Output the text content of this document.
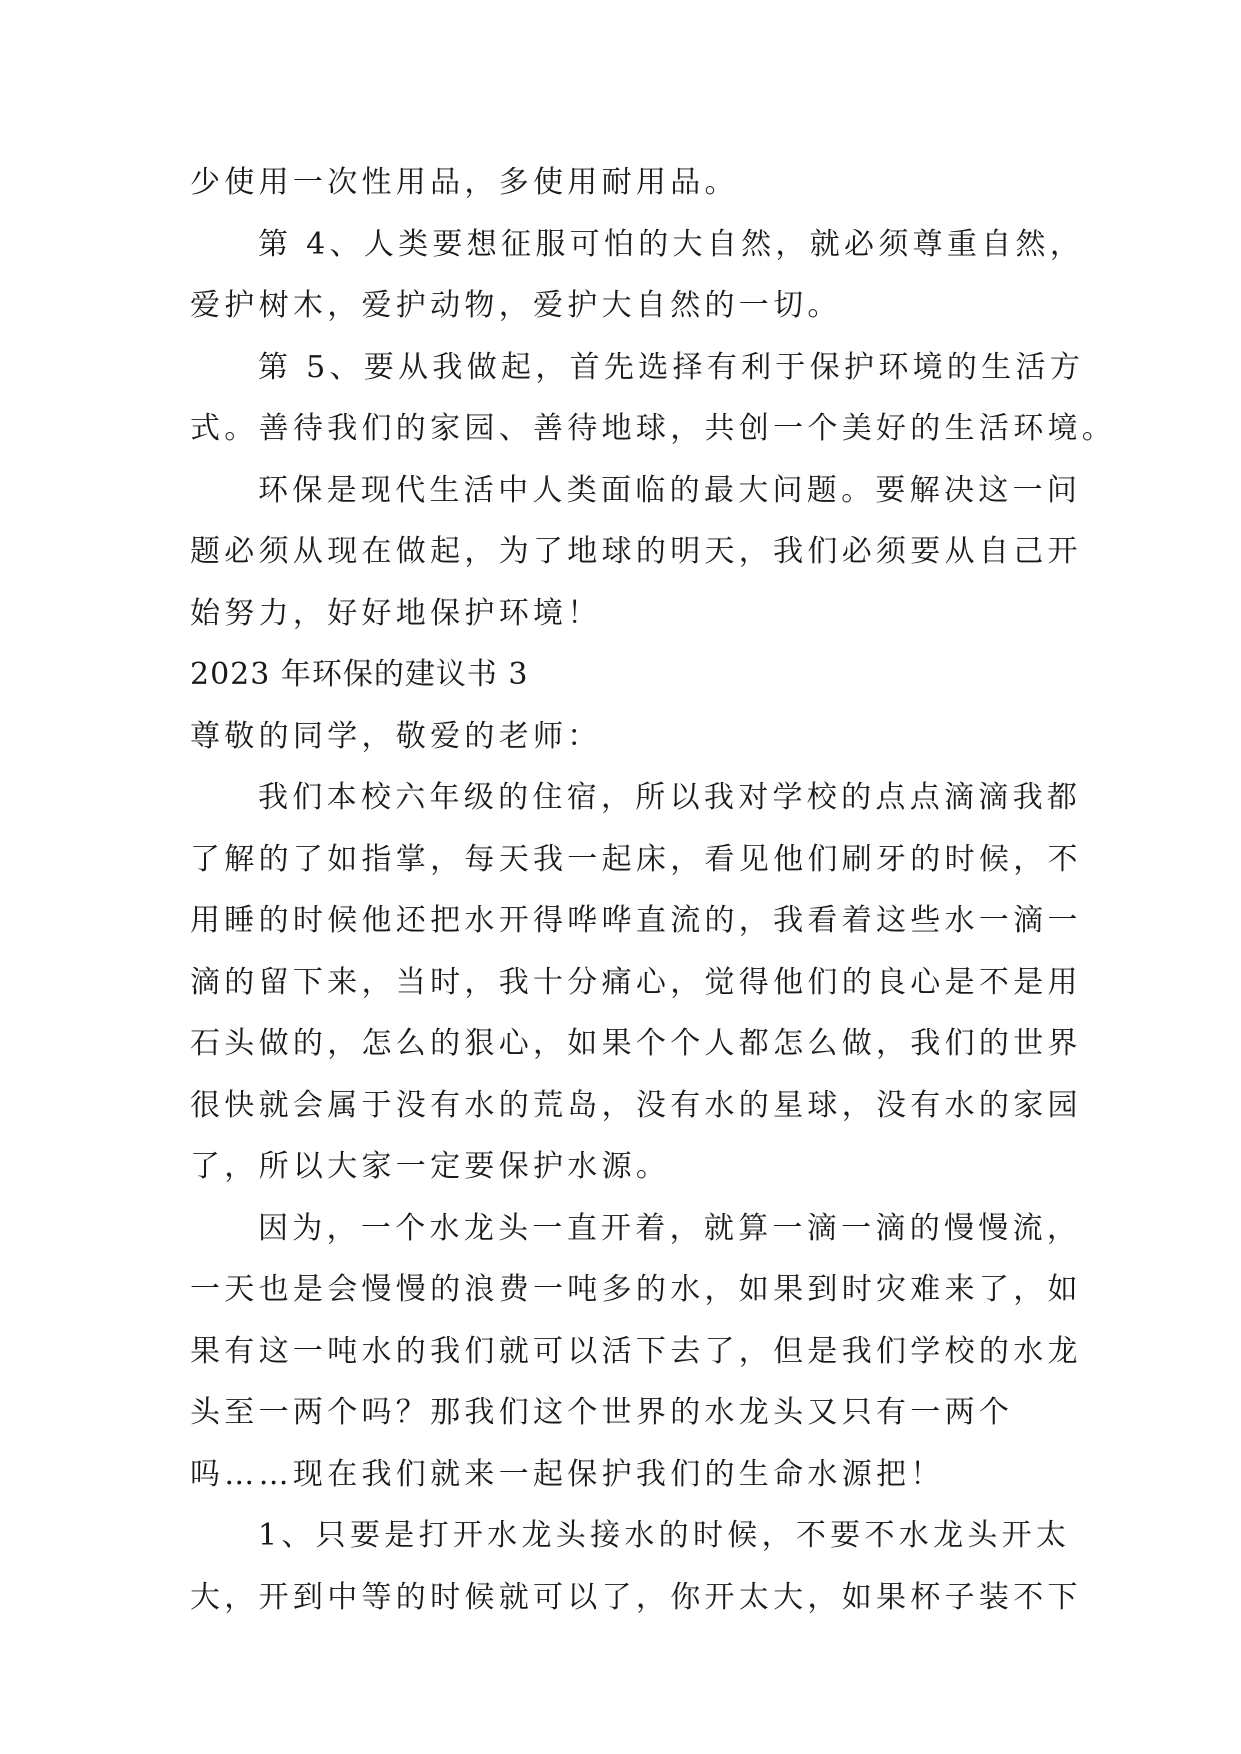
少使用一次性用品，多使用耐用品。
第 4、人类要想征服可怕的大自然，就必须尊重自然，
爱护树木，爱护动物，爱护大自然的一切。
第 5、要从我做起，首先选择有利于保护环境的生活方
式。善待我们的家园、善待地球，共创一个美好的生活环境。
环保是现代生活中人类面临的最大问题。要解决这一问
题必须从现在做起，为了地球的明天，我们必须要从自己开
始努力，好好地保护环境！
2023 年环保的建议书 3
尊敬的同学，敬爱的老师：
我们本校六年级的住宿，所以我对学校的点点滴滴我都
了解的了如指掌，每天我一起床，看见他们刷牙的时候，不
用睡的时候他还把水开得哗哗直流的，我看着这些水一滴一
滴的留下来，当时，我十分痛心，觉得他们的良心是不是用
石头做的，怎么的狠心，如果个个人都怎么做，我们的世界
很快就会属于没有水的荒岛，没有水的星球，没有水的家园
了，所以大家一定要保护水源。
因为，一个水龙头一直开着，就算一滴一滴的慢慢流，
一天也是会慢慢的浪费一吨多的水，如果到时灾难来了，如
果有这一吨水的我们就可以活下去了，但是我们学校的水龙
头至一两个吗？那我们这个世界的水龙头又只有一两个
吗……现在我们就来一起保护我们的生命水源把！
1、只要是打开水龙头接水的时候，不要不水龙头开太
大，开到中等的时候就可以了，你开太大，如果杯子装不下
